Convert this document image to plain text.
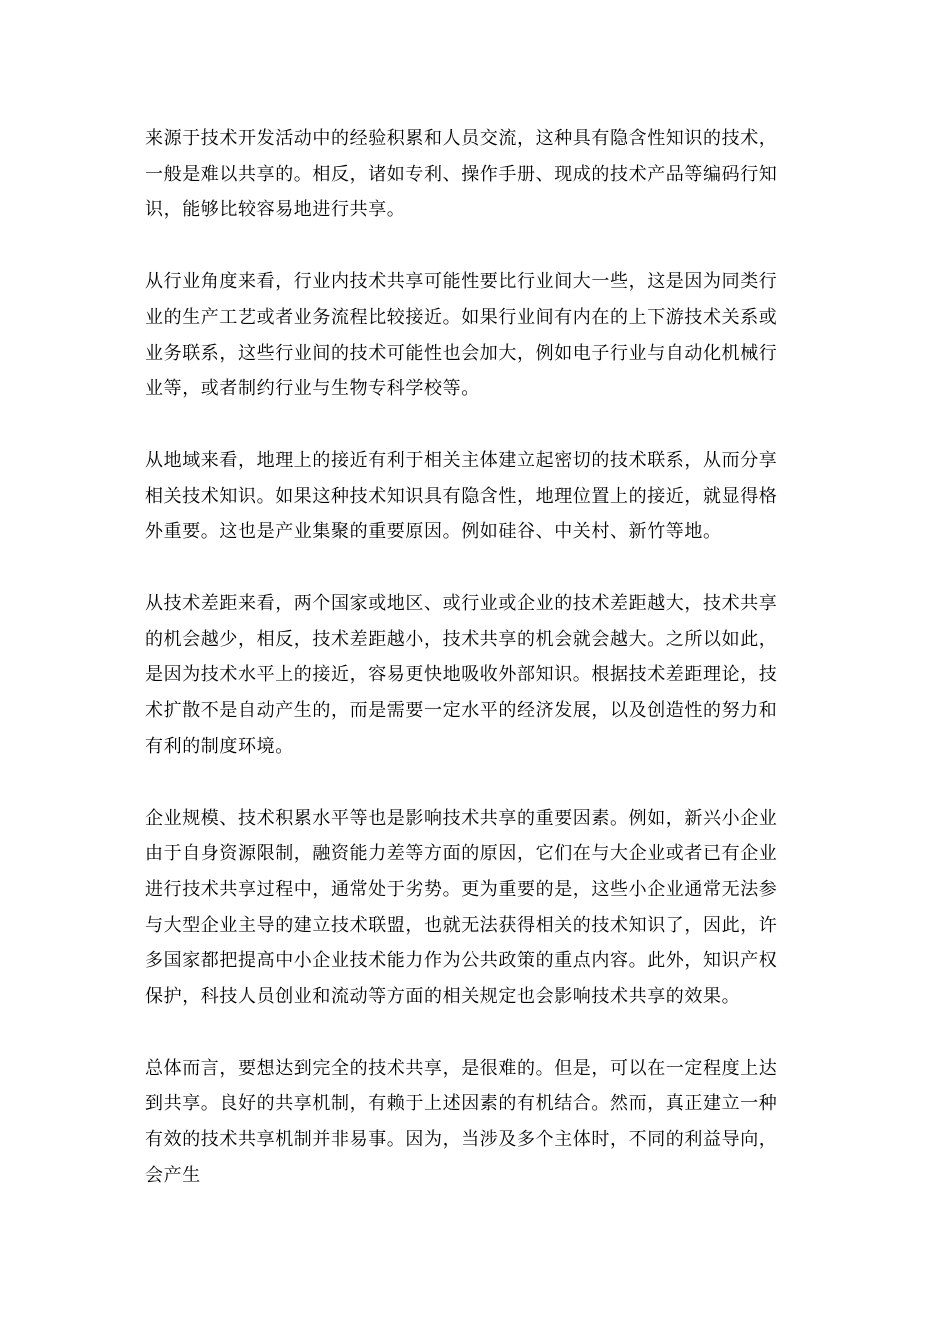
来源于技术开发活动中的经验积累和人员交流，这种具有隐含性知识的技术，
一般是难以共享的。相反，诸如专利、操作手册、现成的技术产品等编码行知
识，能够比较容易地进行共享。

从行业角度来看，行业内技术共享可能性要比行业间大一些，这是因为同类行
业的生产工艺或者业务流程比较接近。如果行业间有内在的上下游技术关系或
业务联系，这些行业间的技术可能性也会加大，例如电子行业与自动化机械行
业等，或者制约行业与生物专科学校等。

从地域来看，地理上的接近有利于相关主体建立起密切的技术联系，从而分享
相关技术知识。如果这种技术知识具有隐含性，地理位置上的接近，就显得格
外重要。这也是产业集聚的重要原因。例如硅谷、中关村、新竹等地。

从技术差距来看，两个国家或地区、或行业或企业的技术差距越大，技术共享
的机会越少，相反，技术差距越小，技术共享的机会就会越大。之所以如此，
是因为技术水平上的接近，容易更快地吸收外部知识。根据技术差距理论，技
术扩散不是自动产生的，而是需要一定水平的经济发展，以及创造性的努力和
有利的制度环境。

企业规模、技术积累水平等也是影响技术共享的重要因素。例如，新兴小企业
由于自身资源限制，融资能力差等方面的原因，它们在与大企业或者已有企业
进行技术共享过程中，通常处于劣势。更为重要的是，这些小企业通常无法参
与大型企业主导的建立技术联盟，也就无法获得相关的技术知识了，因此，许
多国家都把提高中小企业技术能力作为公共政策的重点内容。此外，知识产权
保护，科技人员创业和流动等方面的相关规定也会影响技术共享的效果。

总体而言，要想达到完全的技术共享，是很难的。但是，可以在一定程度上达
到共享。良好的共享机制，有赖于上述因素的有机结合。然而，真正建立一种
有效的技术共享机制并非易事。因为，当涉及多个主体时，不同的利益导向，
会产生
